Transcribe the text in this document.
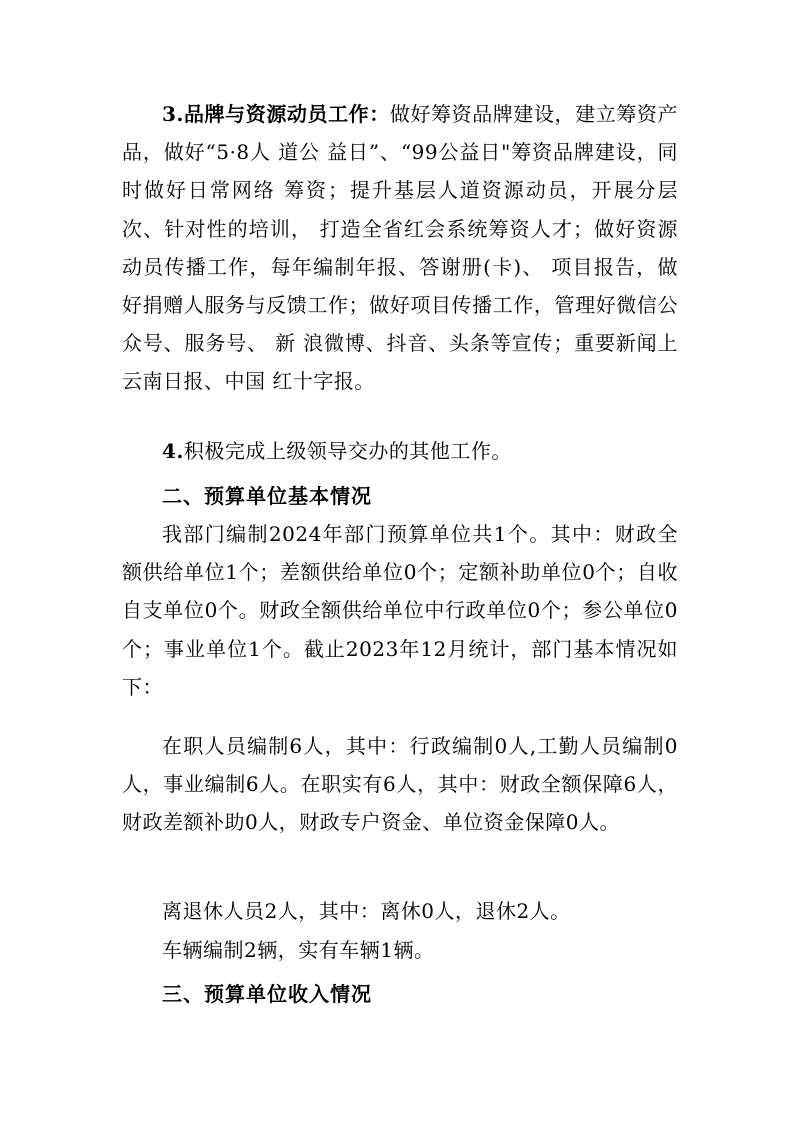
3.品牌与资源动员工作：做好筹资品牌建设，建立筹资产品，做好“5·8人 道公 益日”、“99公益日"筹资品牌建设，同时做好日常网络 筹资；提升基层人道资源动员，开展分层次、针对性的培训， 打造全省红会系统筹资人才；做好资源动员传播工作，每年编制年报、答谢册(卡)、 项目报告，做好捐赠人服务与反馈工作；做好项目传播工作，管理好微信公众号、服务号、 新 浪微博、抖音、头条等宣传；重要新闻上云南日报、中国 红十字报。

4.积极完成上级领导交办的其他工作。

二、预算单位基本情况

我部门编制2024年部门预算单位共1个。其中：财政全额供给单位1个；差额供给单位0个；定额补助单位0个；自收自支单位0个。财政全额供给单位中行政单位0个；参公单位0个；事业单位1个。截止2023年12月统计，部门基本情况如下：

在职人员编制6人，其中：行政编制0人,工勤人员编制0人，事业编制6人。在职实有6人，其中：财政全额保障6人，财政差额补助0人，财政专户资金、单位资金保障0人。

离退休人员2人，其中：离休0人，退休2人。

车辆编制2辆，实有车辆1辆。

三、预算单位收入情况
